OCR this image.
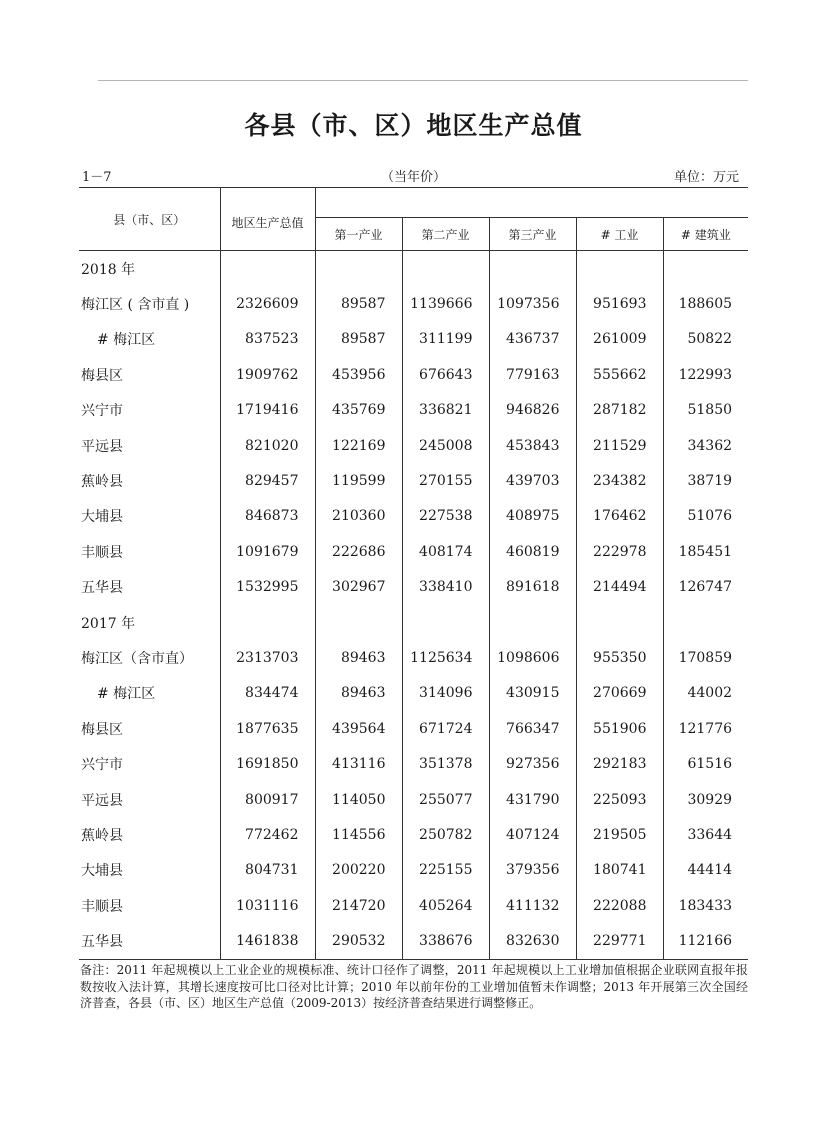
各县（市、区）地区生产总值
1－7	（当年价）	单位：万元
县（市、区）	地区生产总值					
		第一产业	第二产业	第三产业	# 工业	# 建筑业
2018 年						
梅江区 ( 含市直 )	2326609	89587	1139666	1097356	951693	188605
# 梅江区	837523	89587	311199	436737	261009	50822
梅县区	1909762	453956	676643	779163	555662	122993
兴宁市	1719416	435769	336821	946826	287182	51850
平远县	821020	122169	245008	453843	211529	34362
蕉岭县	829457	119599	270155	439703	234382	38719
大埔县	846873	210360	227538	408975	176462	51076
丰顺县	1091679	222686	408174	460819	222978	185451
五华县	1532995	302967	338410	891618	214494	126747
2017 年						
梅江区（含市直）	2313703	89463	1125634	1098606	955350	170859
# 梅江区	834474	89463	314096	430915	270669	44002
梅县区	1877635	439564	671724	766347	551906	121776
兴宁市	1691850	413116	351378	927356	292183	61516
平远县	800917	114050	255077	431790	225093	30929
蕉岭县	772462	114556	250782	407124	219505	33644
大埔县	804731	200220	225155	379356	180741	44414
丰顺县	1031116	214720	405264	411132	222088	183433
五华县	1461838	290532	338676	832630	229771	112166
备注：2011 年起规模以上工业企业的规模标准、统计口径作了调整，2011 年起规模以上工业增加值根据企业联网直报年报数按收入法计算，其增长速度按可比口径对比计算；2010 年以前年份的工业增加值暂未作调整；2013 年开展第三次全国经济普查，各县（市、区）地区生产总值（2009-2013）按经济普查结果进行调整修正。
